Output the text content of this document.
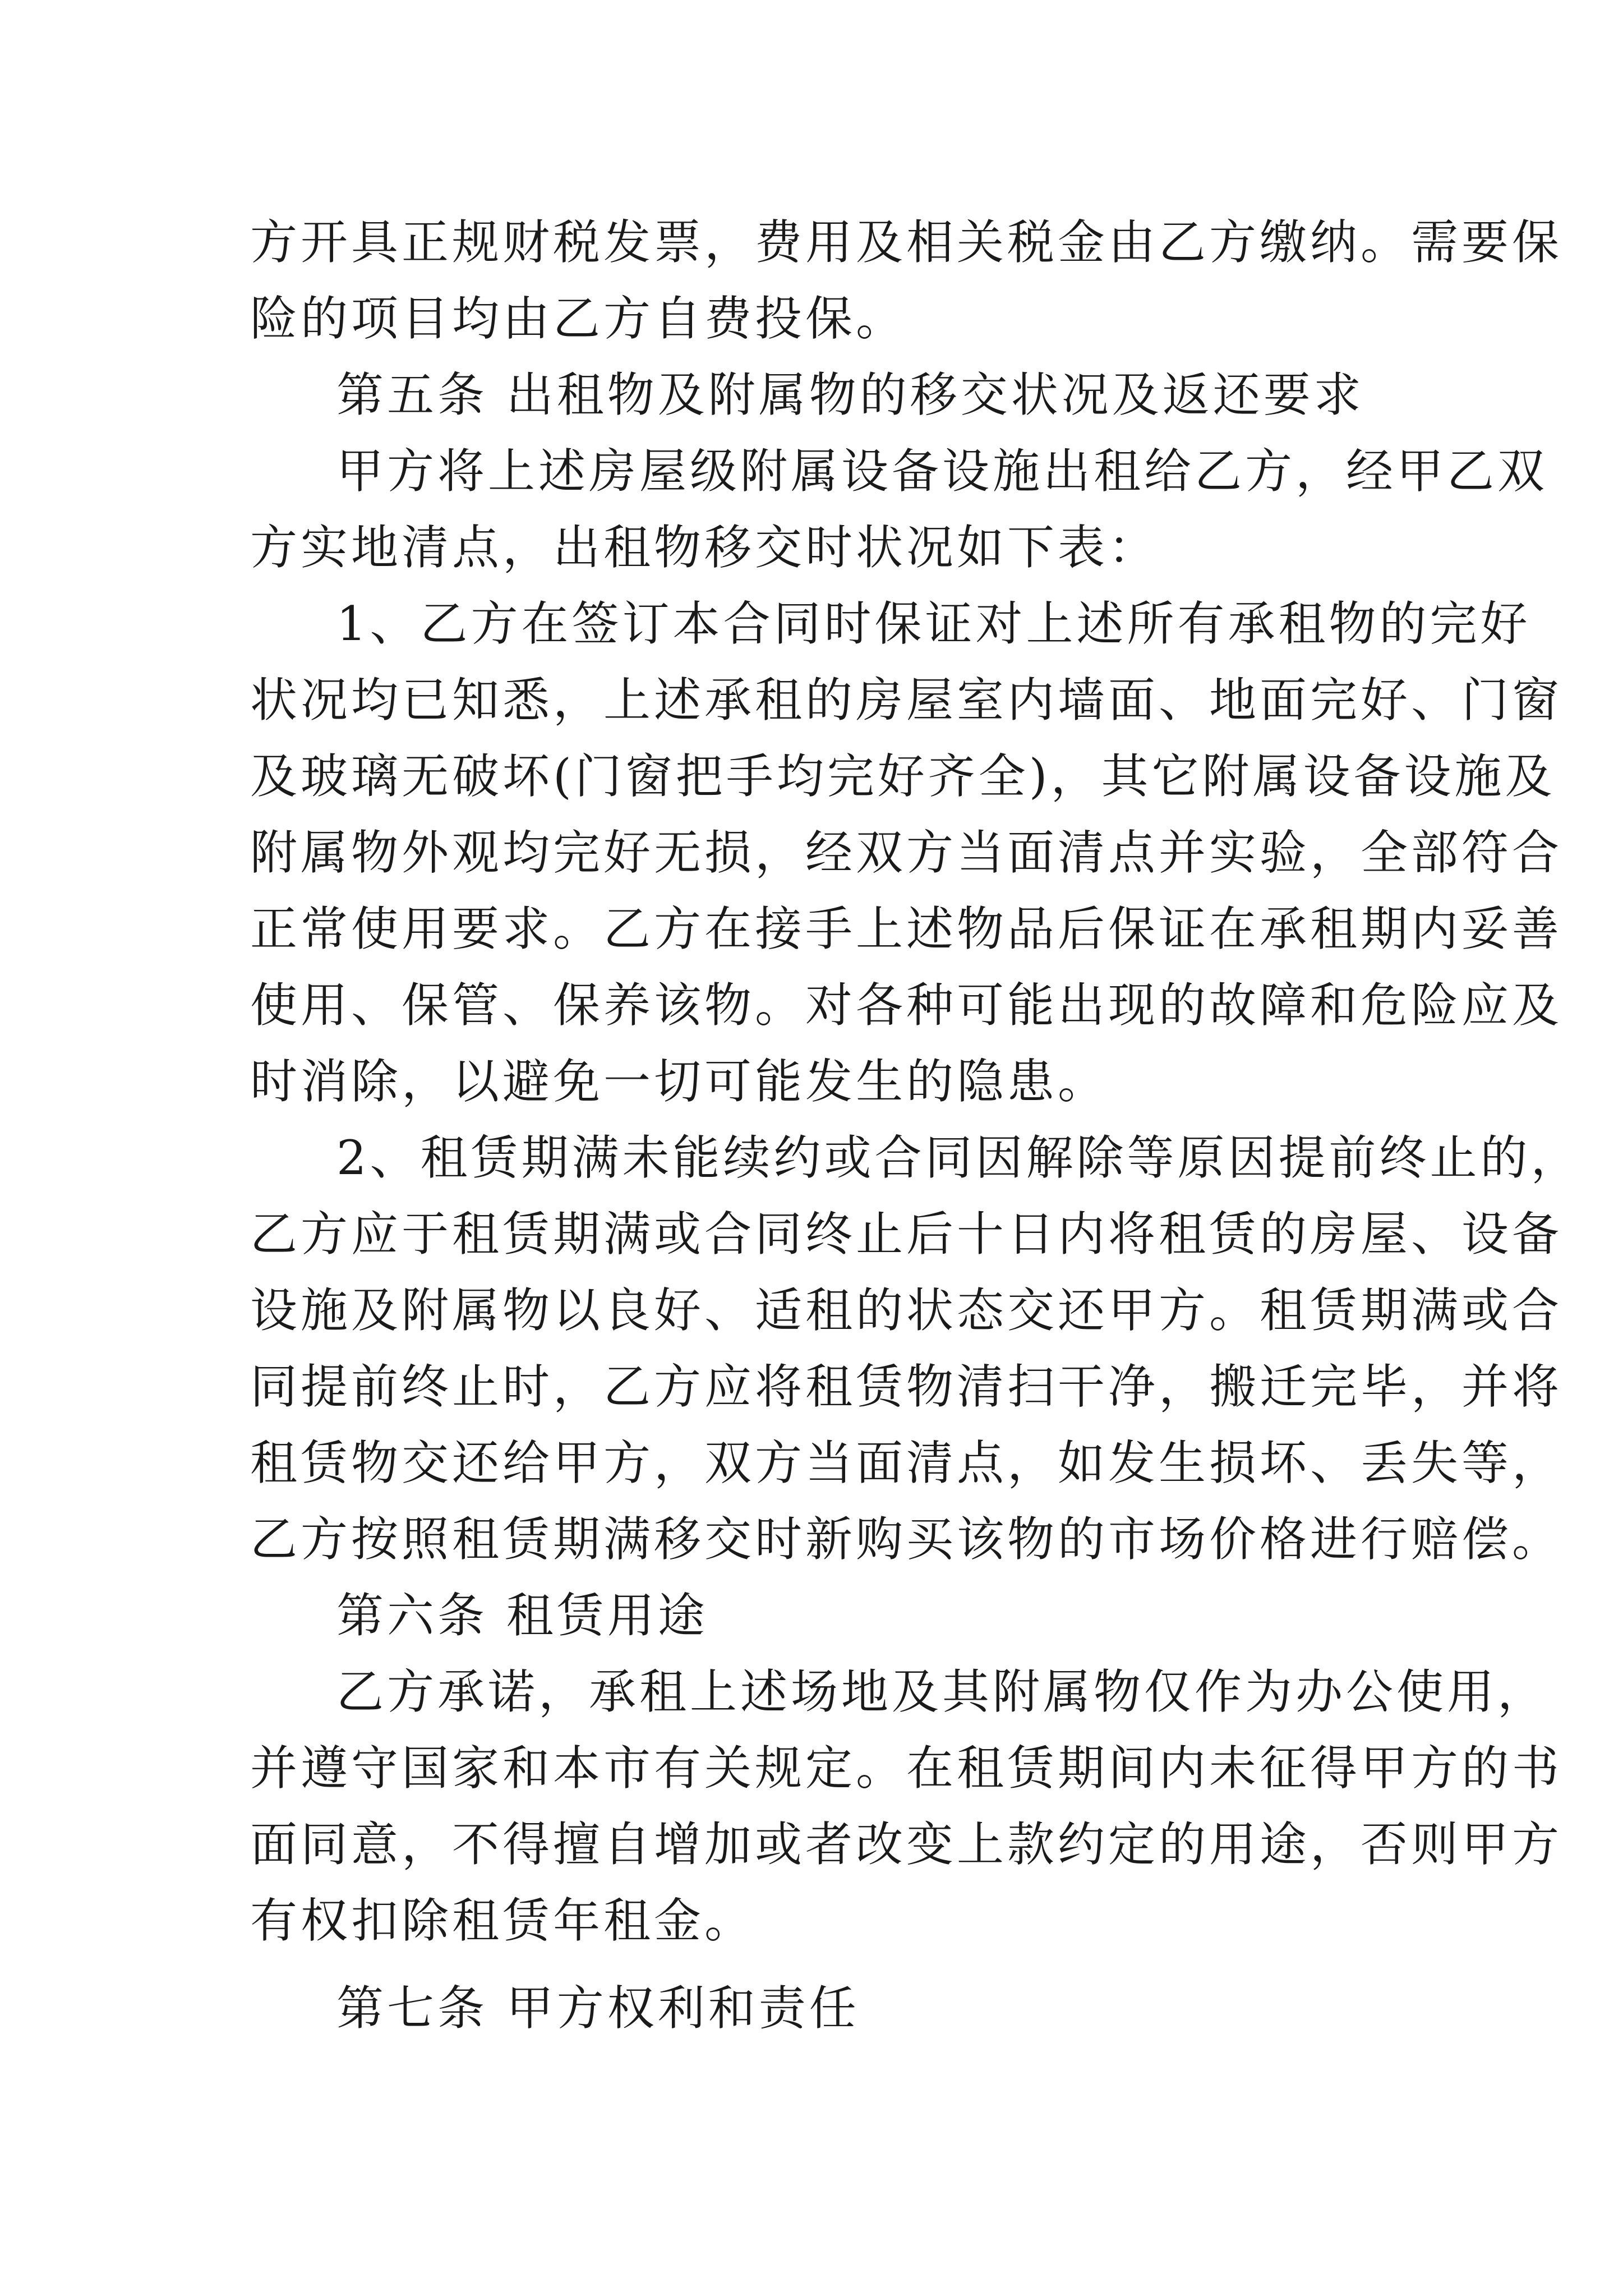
方开具正规财税发票，费用及相关税金由乙方缴纳。需要保
险的项目均由乙方自费投保。
第五条 出租物及附属物的移交状况及返还要求
甲方将上述房屋级附属设备设施出租给乙方，经甲乙双
方实地清点，出租物移交时状况如下表：
1、乙方在签订本合同时保证对上述所有承租物的完好
状况均已知悉，上述承租的房屋室内墙面、地面完好、门窗
及玻璃无破坏(门窗把手均完好齐全)，其它附属设备设施及
附属物外观均完好无损，经双方当面清点并实验，全部符合
正常使用要求。乙方在接手上述物品后保证在承租期内妥善
使用、保管、保养该物。对各种可能出现的故障和危险应及
时消除，以避免一切可能发生的隐患。
2、租赁期满未能续约或合同因解除等原因提前终止的，
乙方应于租赁期满或合同终止后十日内将租赁的房屋、设备
设施及附属物以良好、适租的状态交还甲方。租赁期满或合
同提前终止时，乙方应将租赁物清扫干净，搬迁完毕，并将
租赁物交还给甲方，双方当面清点，如发生损坏、丢失等，
乙方按照租赁期满移交时新购买该物的市场价格进行赔偿。
第六条 租赁用途
乙方承诺，承租上述场地及其附属物仅作为办公使用，
并遵守国家和本市有关规定。在租赁期间内未征得甲方的书
面同意，不得擅自增加或者改变上款约定的用途，否则甲方
有权扣除租赁年租金。
第七条 甲方权利和责任
